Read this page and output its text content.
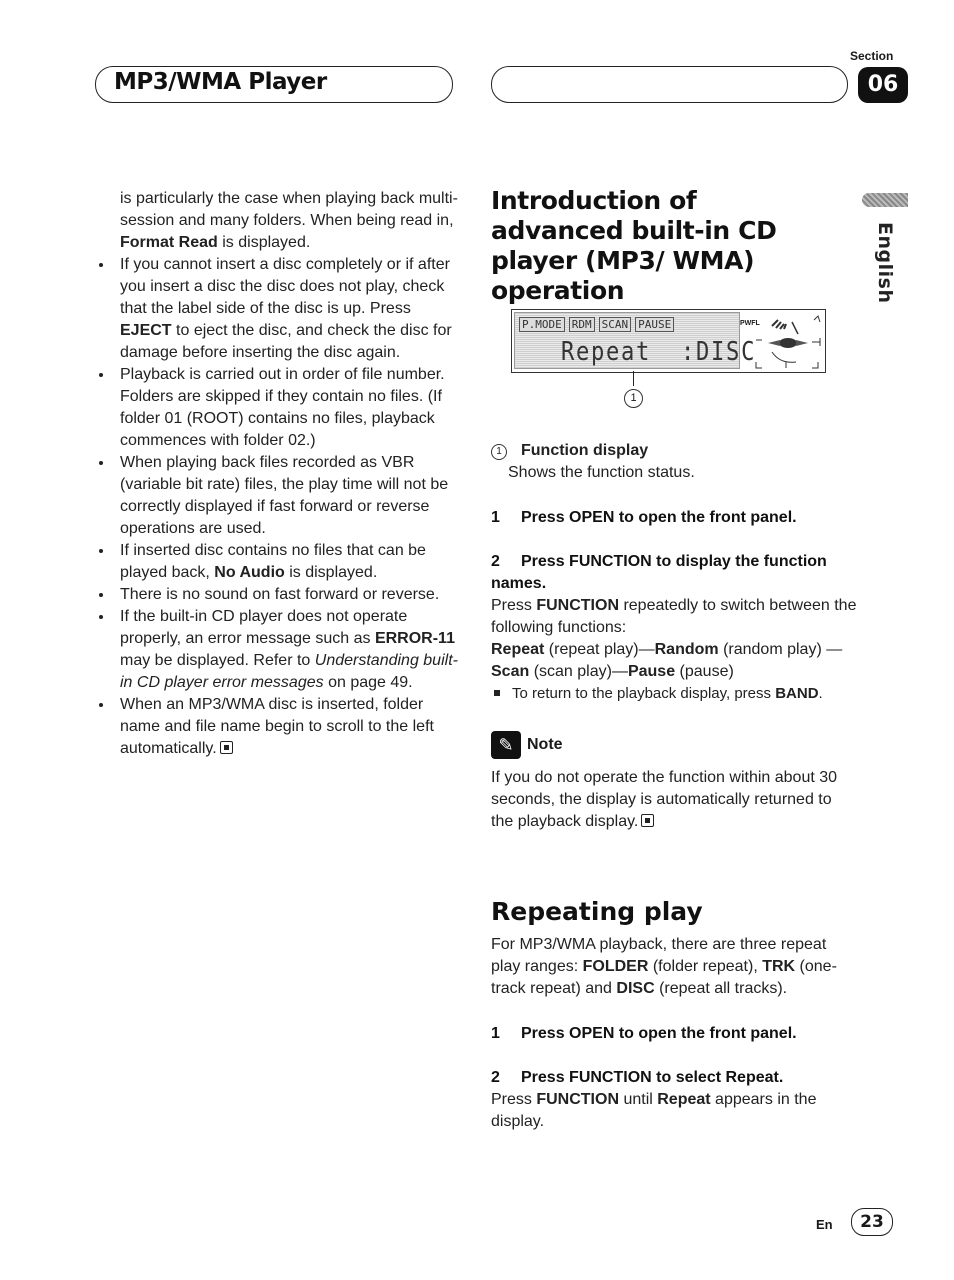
MP3/WMA Player
Section
06
English
is particularly the case when playing back multi-session and many folders. When being read in, Format Read is displayed.
If you cannot insert a disc completely or if after you insert a disc the disc does not play, check that the label side of the disc is up. Press EJECT to eject the disc, and check the disc for damage before inserting the disc again.
Playback is carried out in order of file number. Folders are skipped if they contain no files. (If folder 01 (ROOT) contains no files, playback commences with folder 02.)
When playing back files recorded as VBR (variable bit rate) files, the play time will not be correctly displayed if fast forward or reverse operations are used.
If inserted disc contains no files that can be played back, No Audio is displayed.
There is no sound on fast forward or reverse.
If the built-in CD player does not operate properly, an error message such as ERROR-11 may be displayed. Refer to Understanding built-in CD player error messages on page 49.
When an MP3/WMA disc is inserted, folder name and file name begin to scroll to the left automatically.
Introduction of advanced built-in CD player (MP3/ WMA) operation
P.MODE RDM SCAN PAUSE
Repeat  :DISC
PWFL
1
1 Function display
Shows the function status.
1 Press OPEN to open the front panel.
2 Press FUNCTION to display the function names.
Press FUNCTION repeatedly to switch between the following functions:
Repeat (repeat play)—Random (random play) —Scan (scan play)—Pause (pause)
To return to the playback display, press BAND.
✎ Note
If you do not operate the function within about 30 seconds, the display is automatically returned to the playback display.
Repeating play
For MP3/WMA playback, there are three repeat play ranges: FOLDER (folder repeat), TRK (one-track repeat) and DISC (repeat all tracks).
1 Press OPEN to open the front panel.
2 Press FUNCTION to select Repeat.
Press FUNCTION until Repeat appears in the display.
En	23
